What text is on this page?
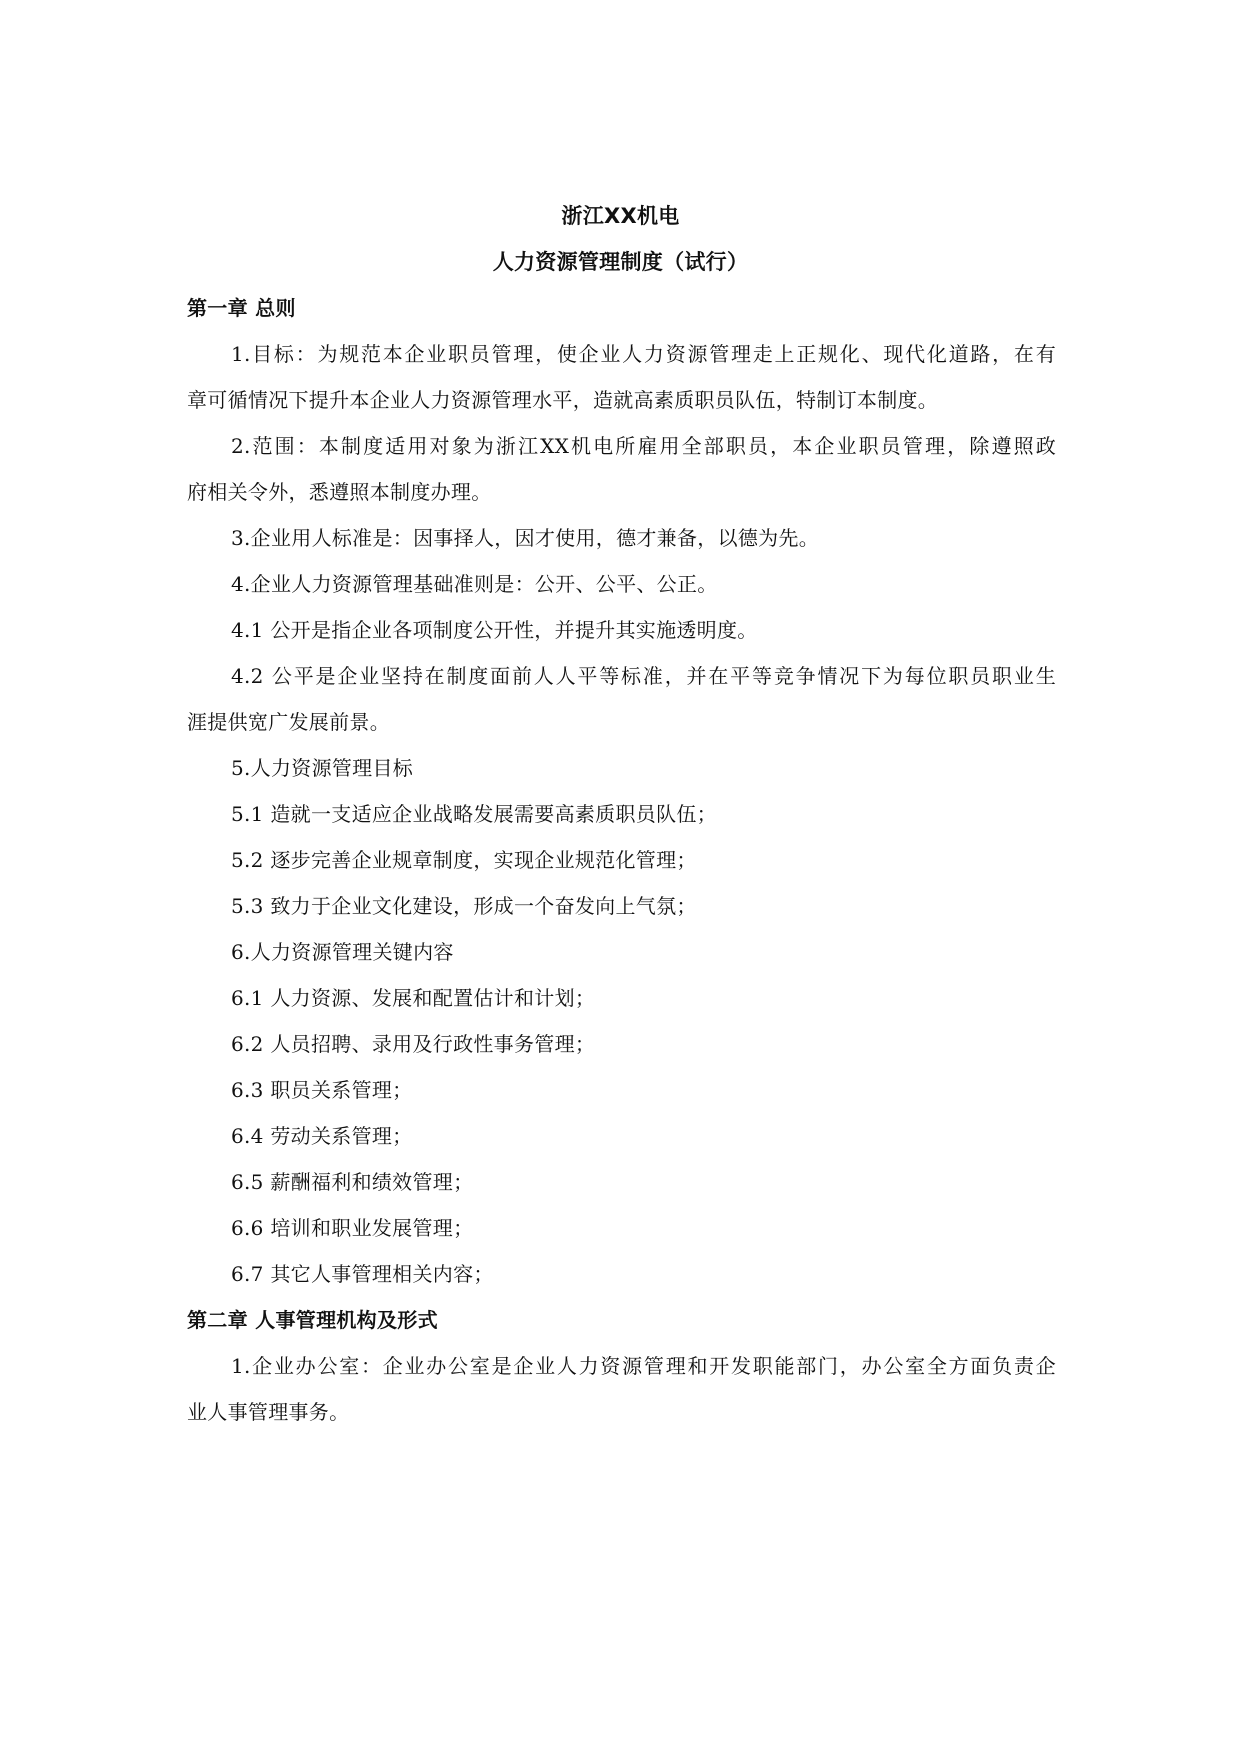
浙江XX机电
人力资源管理制度（试行）
第一章 总则
1.目标：为规范本企业职员管理，使企业人力资源管理走上正规化、现代化道路，在有
章可循情况下提升本企业人力资源管理水平，造就高素质职员队伍，特制订本制度。
2.范围：本制度适用对象为浙江XX机电所雇用全部职员，本企业职员管理，除遵照政
府相关令外，悉遵照本制度办理。
3.企业用人标准是：因事择人，因才使用，德才兼备，以德为先。
4.企业人力资源管理基础准则是：公开、公平、公正。
4.1 公开是指企业各项制度公开性，并提升其实施透明度。
4.2 公平是企业坚持在制度面前人人平等标准，并在平等竞争情况下为每位职员职业生
涯提供宽广发展前景。
5.人力资源管理目标
5.1 造就一支适应企业战略发展需要高素质职员队伍；
5.2 逐步完善企业规章制度，实现企业规范化管理；
5.3 致力于企业文化建设，形成一个奋发向上气氛；
6.人力资源管理关键内容
6.1 人力资源、发展和配置估计和计划；
6.2 人员招聘、录用及行政性事务管理；
6.3 职员关系管理；
6.4 劳动关系管理；
6.5 薪酬福利和绩效管理；
6.6 培训和职业发展管理；
6.7 其它人事管理相关内容；
第二章 人事管理机构及形式
1.企业办公室：企业办公室是企业人力资源管理和开发职能部门，办公室全方面负责企
业人事管理事务。
